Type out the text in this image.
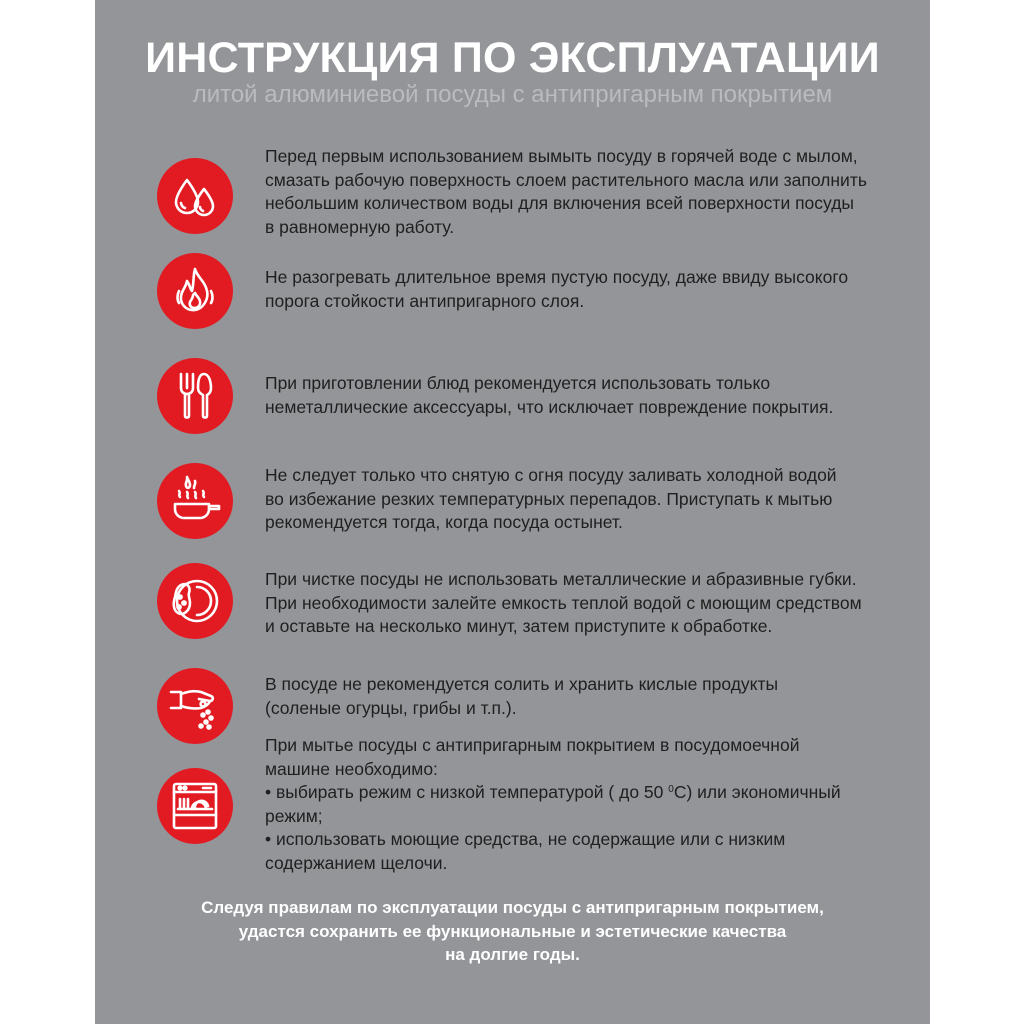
ИНСТРУКЦИЯ ПО ЭКСПЛУАТАЦИИ
литой алюминиевой посуды с антипригарным покрытием
Перед первым использованием вымыть посуду в горячей воде с мылом,
смазать рабочую поверхность слоем растительного масла или заполнить
небольшим количеством воды для включения всей поверхности посуды
в равномерную работу.
Не разогревать длительное время пустую посуду, даже ввиду высокого
порога стойкости антипригарного слоя.
При приготовлении блюд рекомендуется использовать только
неметаллические аксессуары, что исключает повреждение покрытия.
Не следует только что снятую с огня посуду заливать холодной водой
во избежание резких температурных перепадов. Приступать к мытью
рекомендуется тогда, когда посуда остынет.
При чистке посуды не использовать металлические и абразивные губки.
При необходимости залейте емкость теплой водой с моющим средством
и оставьте на несколько минут, затем приступите к обработке.
В посуде не рекомендуется солить и хранить кислые продукты
(соленые огурцы, грибы и т.п.).
При мытье посуды с антипригарным покрытием в посудомоечной
машине необходимо:
• выбирать режим с низкой температурой ( до 50 $^0$С) или экономичный
режим;
• использовать моющие средства, не содержащие или с низким
содержанием щелочи.
Следуя правилам по эксплуатации посуды с антипригарным покрытием,
удастся сохранить ее функциональные и эстетические качества
на долгие годы.
